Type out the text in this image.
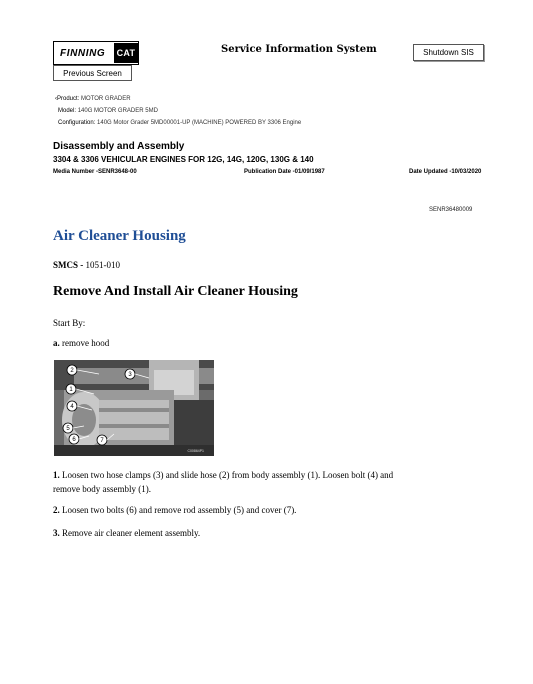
FINNING	CAT
Previous Screen
Service Information System	Shutdown SIS
‹Product: MOTOR GRADER
Model: 140G MOTOR GRADER 5MD
Configuration: 140G Motor Grader 5MD00001-UP (MACHINE) POWERED BY 3306 Engine
Disassembly and Assembly
3304 & 3306 VEHICULAR ENGINES FOR 12G, 14G, 120G, 130G & 140
Media Number -SENR3648-00	Publication Date -01/09/1987	Date Updated -10/03/2020
SENR36480009
Air Cleaner Housing
SMCS - 1051-010
Remove And Install Air Cleaner Housing
Start By:
a. remove hood
2
3
1
4
5
6	7
C00864P1
1. Loosen two hose clamps (3) and slide hose (2) from body assembly (1). Loosen bolt (4) and
remove body assembly (1).
2. Loosen two bolts (6) and remove rod assembly (5) and cover (7).
3. Remove air cleaner element assembly.
